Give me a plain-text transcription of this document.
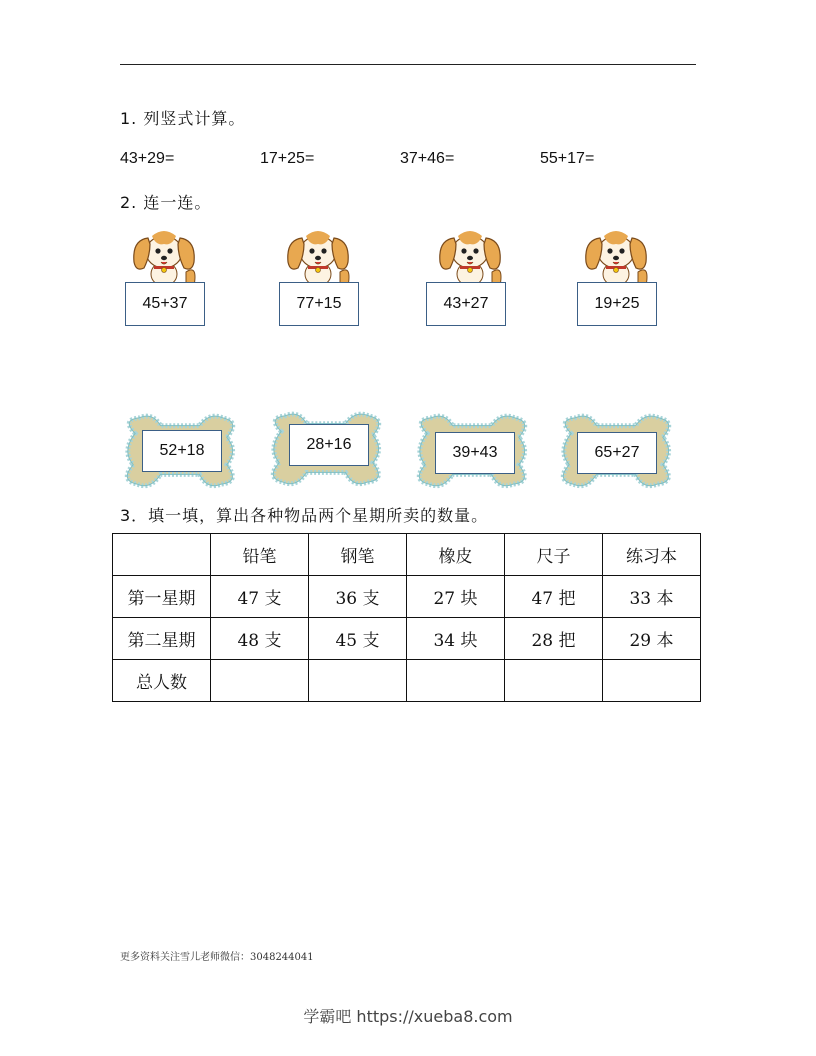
1. 列竖式计算。
43+29=	17+25=	37+46=	55+17=
2. 连一连。
45+37	77+15	43+27	19+25
52+18	28+16	39+43	65+27
3．填一填，算出各种物品两个星期所卖的数量。
	铅笔	钢笔	橡皮	尺子	练习本
第一星期	47 支	36 支	27 块	47 把	33 本
第二星期	48 支	45 支	34 块	28 把	29 本
总人数					
更多资料关注雪儿老师微信：3048244041
学霸吧 https://xueba8.com
